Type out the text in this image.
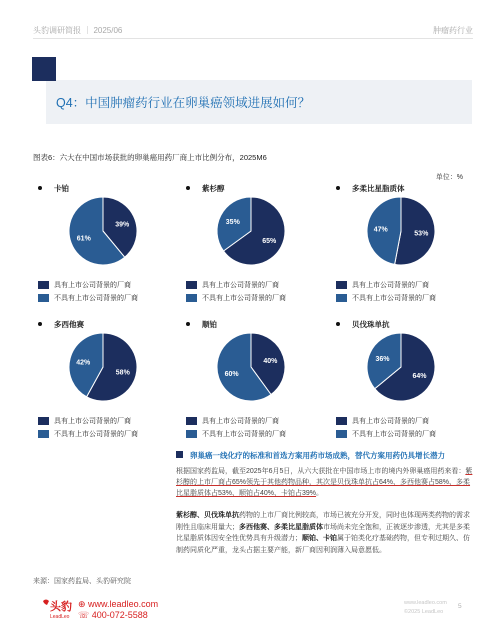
头豹调研简报 ｜ 2025/06	肿瘤药行业
Q4：中国肿瘤药行业在卵巢癌领域进展如何？
图表6：六大在中国市场获批的卵巢癌用药厂商上市比例分布，2025M6
单位：%
卡铂
39%
61%
具有上市公司背景的厂商
不具有上市公司背景的厂商
紫杉醇
65%
35%
具有上市公司背景的厂商
不具有上市公司背景的厂商
多柔比星脂质体
53%
47%
具有上市公司背景的厂商
不具有上市公司背景的厂商
多西他赛
58%
42%
具有上市公司背景的厂商
不具有上市公司背景的厂商
顺铂
40%
60%
具有上市公司背景的厂商
不具有上市公司背景的厂商
贝伐珠单抗
64%
36%
具有上市公司背景的厂商
不具有上市公司背景的厂商
卵巢癌一线化疗的标准和首选方案用药市场成熟，替代方案用药仍具增长潜力
根据国家药监局，截至2025年6月5日，从六大获批在中国市场上市的境内外卵巢癌用药来看：紫杉醇的上市厂商占65%领先于其他药物品种，其次是贝伐珠单抗占64%、多西他赛占58%、多柔比星脂质体占53%、顺铂占40%、卡铂占39%。
紫杉醇、贝伐珠单抗药物的上市厂商比例较高，市场已被充分开发，同时也体现两类药物的需求刚性且临床用量大；多西他赛、多柔比星脂质体市场尚未完全饱和，正被逐步渗透，尤其是多柔比星脂质体因安全性优势具有升级潜力；顺铂、卡铂属于铂类化疗基础药物，但专利过期久、仿制药同质化严重，龙头占据主要产能，新厂商因利润薄入局意愿低。
来源：国家药监局、头豹研究院
头豹
LeadLeo
⊕ www.leadleo.com
☏ 400-072-5588
www.leadleo.com
©2025 LeadLeo
5
